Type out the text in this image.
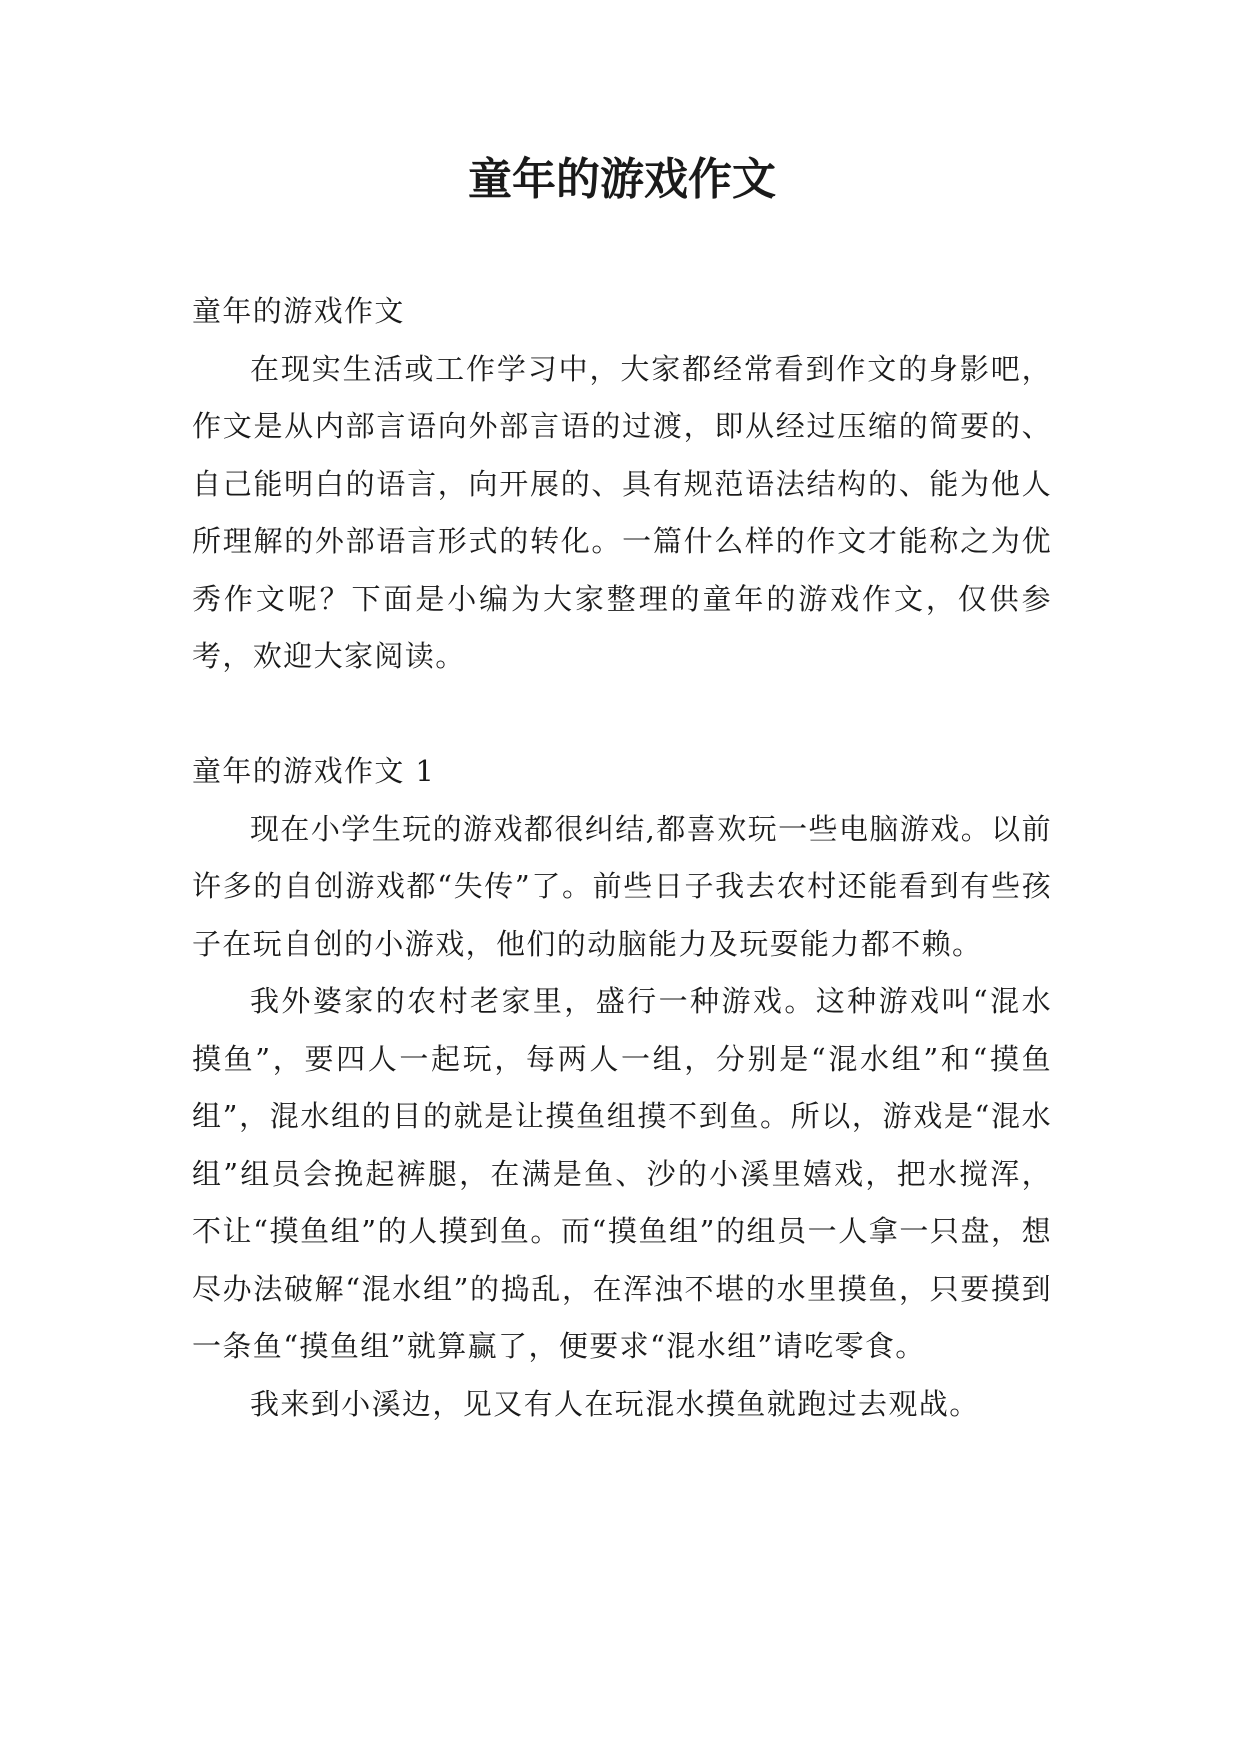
童年的游戏作文

童年的游戏作文

在现实生活或工作学习中，大家都经常看到作文的身影吧，作文是从内部言语向外部言语的过渡，即从经过压缩的简要的、自己能明白的语言，向开展的、具有规范语法结构的、能为他人所理解的外部语言形式的转化。一篇什么样的作文才能称之为优秀作文呢？下面是小编为大家整理的童年的游戏作文，仅供参考，欢迎大家阅读。

童年的游戏作文 1

现在小学生玩的游戏都很纠结,都喜欢玩一些电脑游戏。以前许多的自创游戏都“失传”了。前些日子我去农村还能看到有些孩子在玩自创的小游戏，他们的动脑能力及玩耍能力都不赖。

我外婆家的农村老家里，盛行一种游戏。这种游戏叫“混水摸鱼”，要四人一起玩，每两人一组，分别是“混水组”和“摸鱼组”，混水组的目的就是让摸鱼组摸不到鱼。所以，游戏是“混水组”组员会挽起裤腿，在满是鱼、沙的小溪里嬉戏，把水搅浑，不让“摸鱼组”的人摸到鱼。而“摸鱼组”的组员一人拿一只盘，想尽办法破解“混水组”的捣乱，在浑浊不堪的水里摸鱼，只要摸到一条鱼“摸鱼组”就算赢了，便要求“混水组”请吃零食。

我来到小溪边，见又有人在玩混水摸鱼就跑过去观战。
